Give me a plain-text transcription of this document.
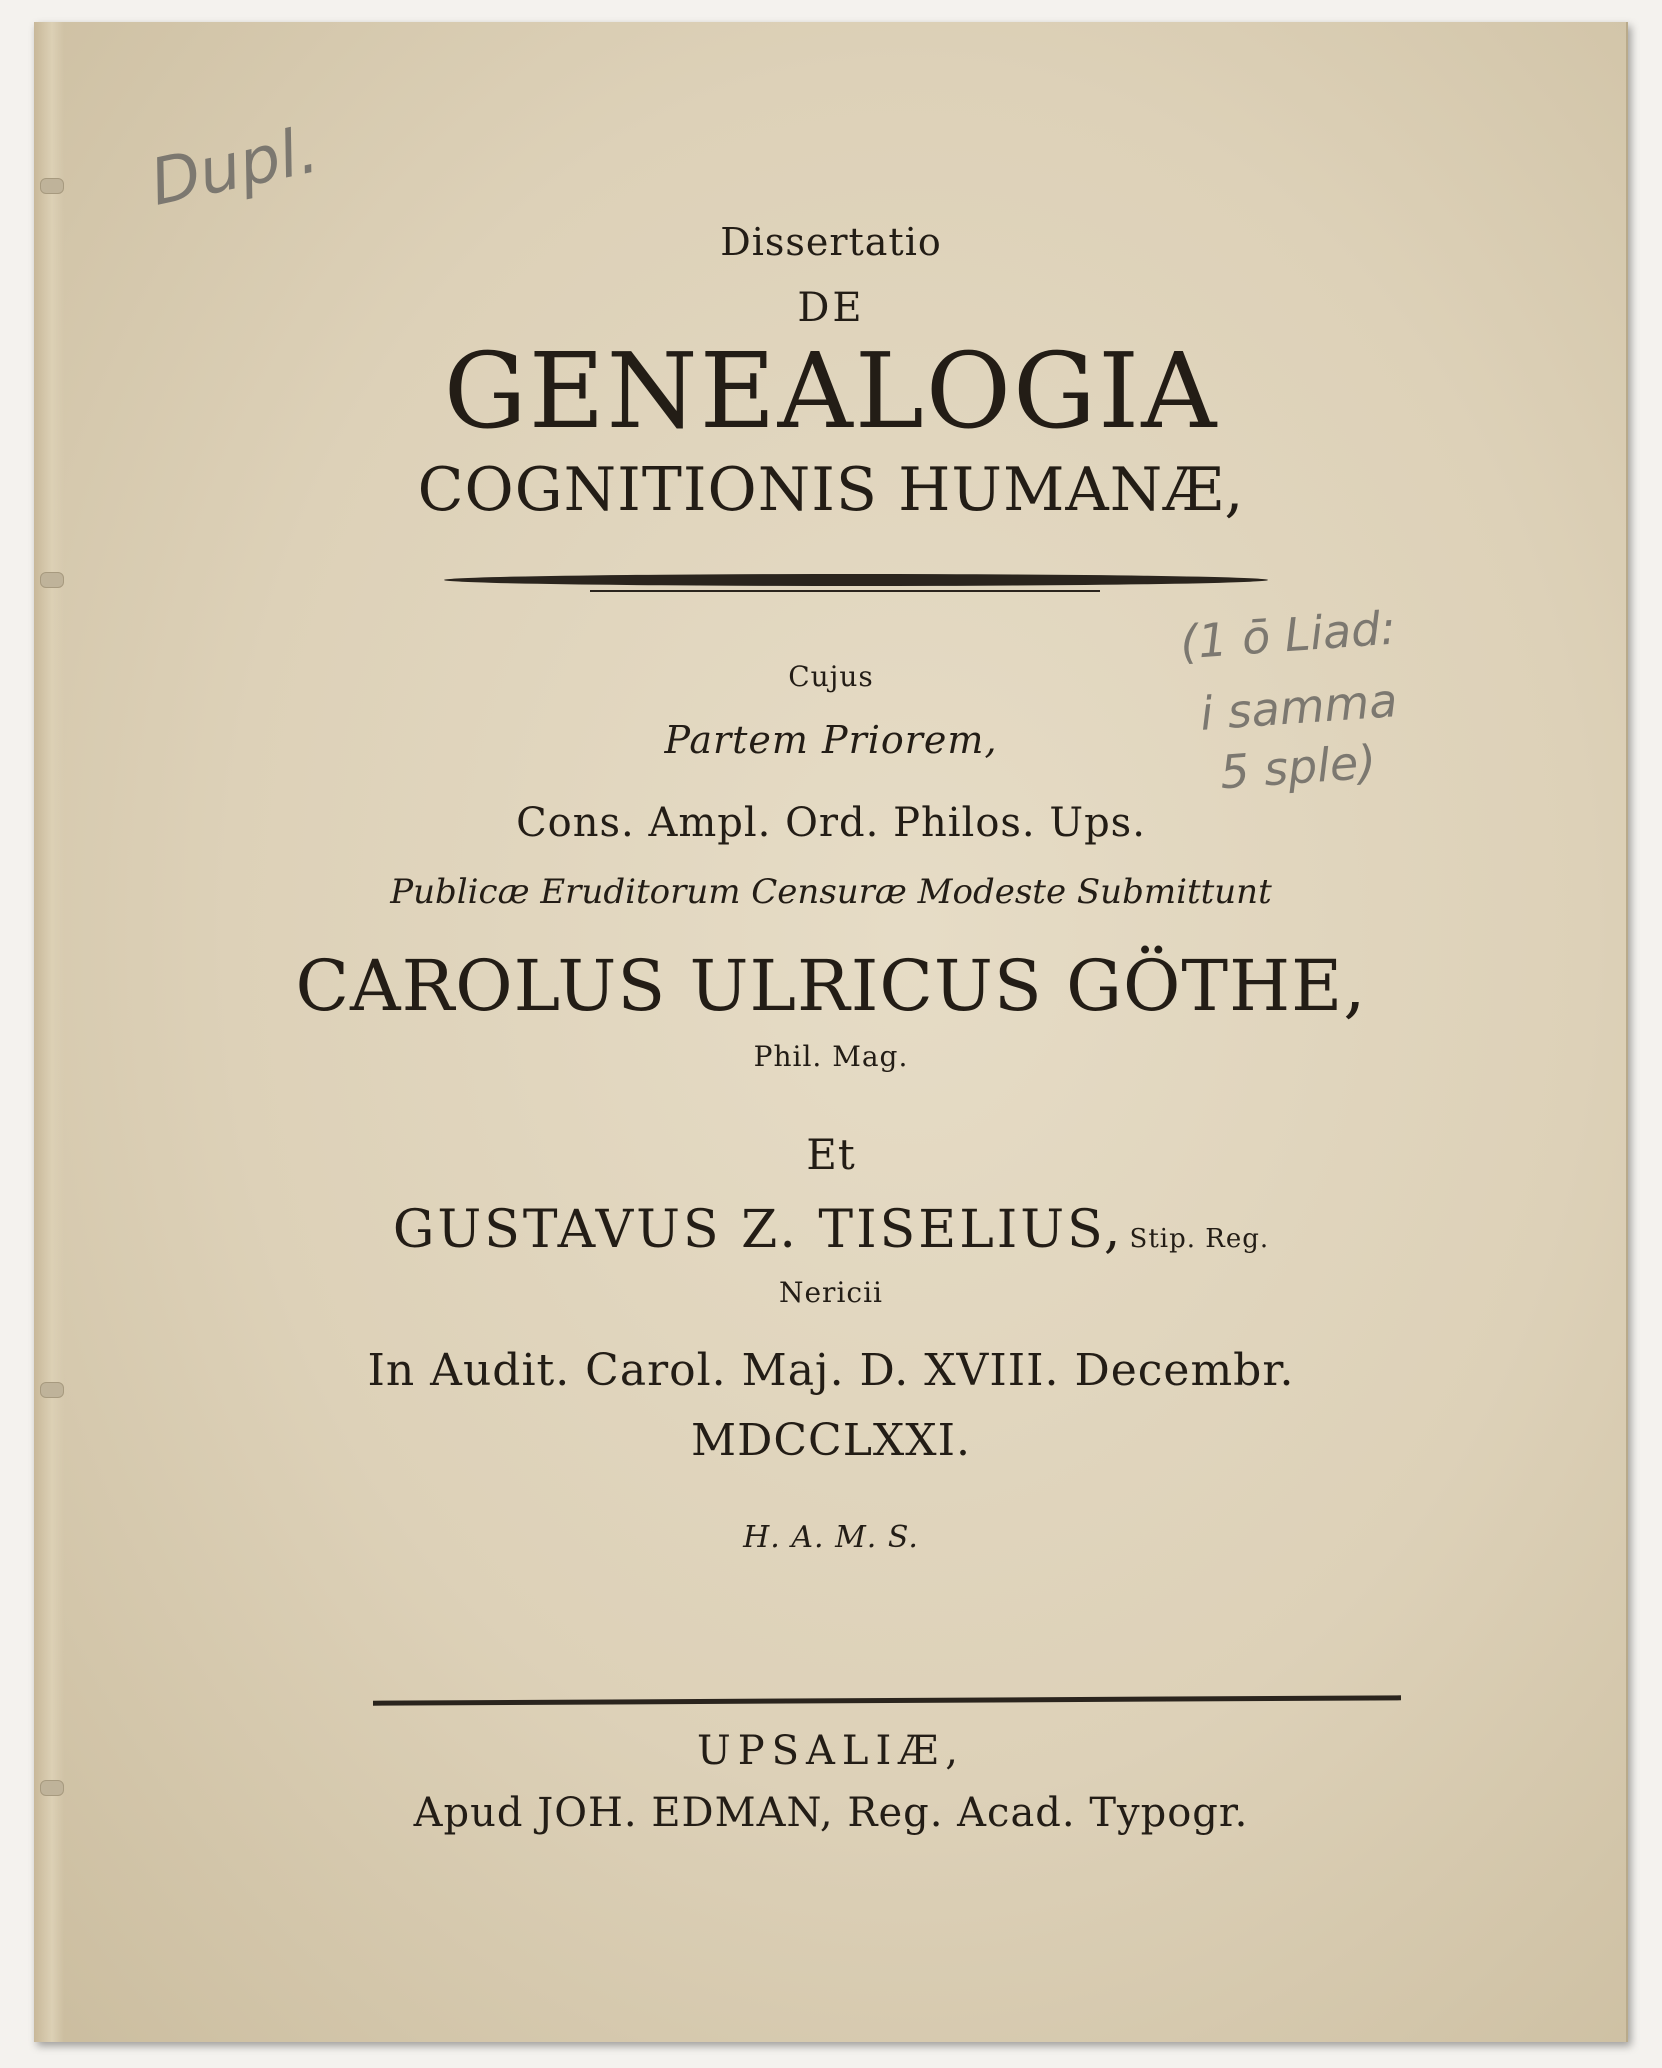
Dupl.
(1 ō Liad:
i samma
5 sple)
Dissertatio
DE
GENEALOGIA
COGNITIONIS HUMANÆ,
Cujus
Partem Priorem,
Cons. Ampl. Ord. Philos. Ups.
Publicæ Eruditorum Censuræ Modeste Submittunt
CAROLUS ULRICUS GÖTHE,
Phil. Mag.
Et
GUSTAVUS Z. TISELIUS, Stip. Reg.
Nericii
In Audit. Carol. Maj. D. XVIII. Decembr.
MDCCLXXI.
H. A. M. S.
UPSALIÆ,
Apud JOH. EDMAN, Reg. Acad. Typogr.
